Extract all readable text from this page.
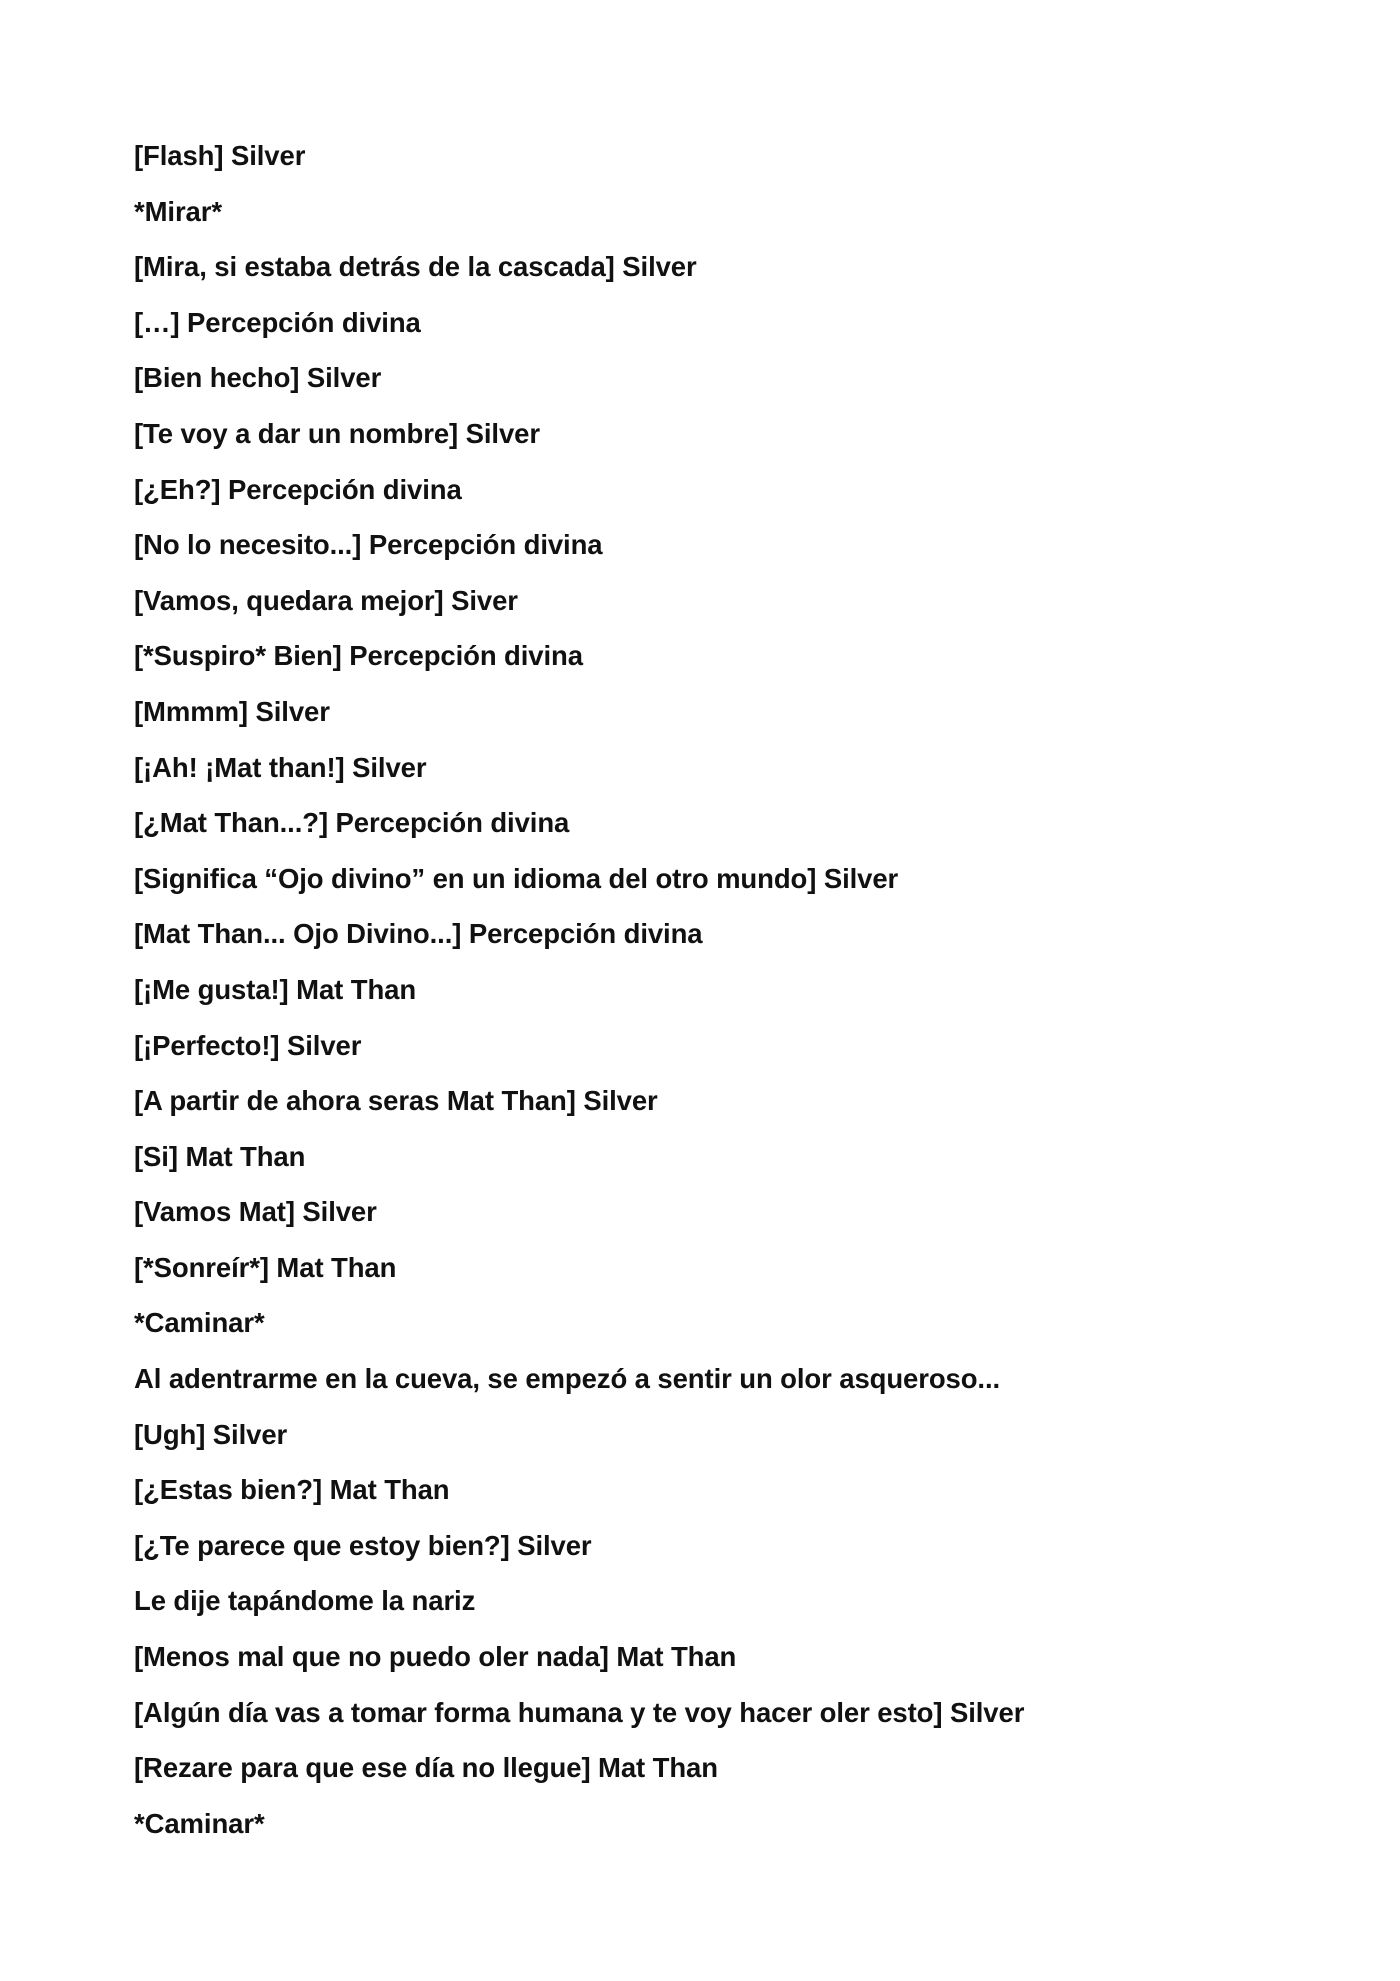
[Flash] Silver
*Mirar*
[Mira, si estaba detrás de la cascada] Silver
[…] Percepción divina
[Bien hecho] Silver
[Te voy a dar un nombre] Silver
[¿Eh?] Percepción divina
[No lo necesito...] Percepción divina
[Vamos, quedara mejor] Siver
[*Suspiro* Bien] Percepción divina
[Mmmm] Silver
[¡Ah! ¡Mat than!] Silver
[¿Mat Than...?] Percepción divina
[Significa “Ojo divino” en un idioma del otro mundo] Silver
[Mat Than... Ojo Divino...] Percepción divina
[¡Me gusta!] Mat Than
[¡Perfecto!] Silver
[A partir de ahora seras Mat Than] Silver
[Si] Mat Than
[Vamos Mat] Silver
[*Sonreír*] Mat Than
*Caminar*
Al adentrarme en la cueva, se empezó a sentir un olor asqueroso...
[Ugh] Silver
[¿Estas bien?] Mat Than
[¿Te parece que estoy bien?] Silver
Le dije tapándome la nariz
[Menos mal que no puedo oler nada] Mat Than
[Algún día vas a tomar forma humana y te voy hacer oler esto] Silver
[Rezare para que ese día no llegue] Mat Than
*Caminar*
